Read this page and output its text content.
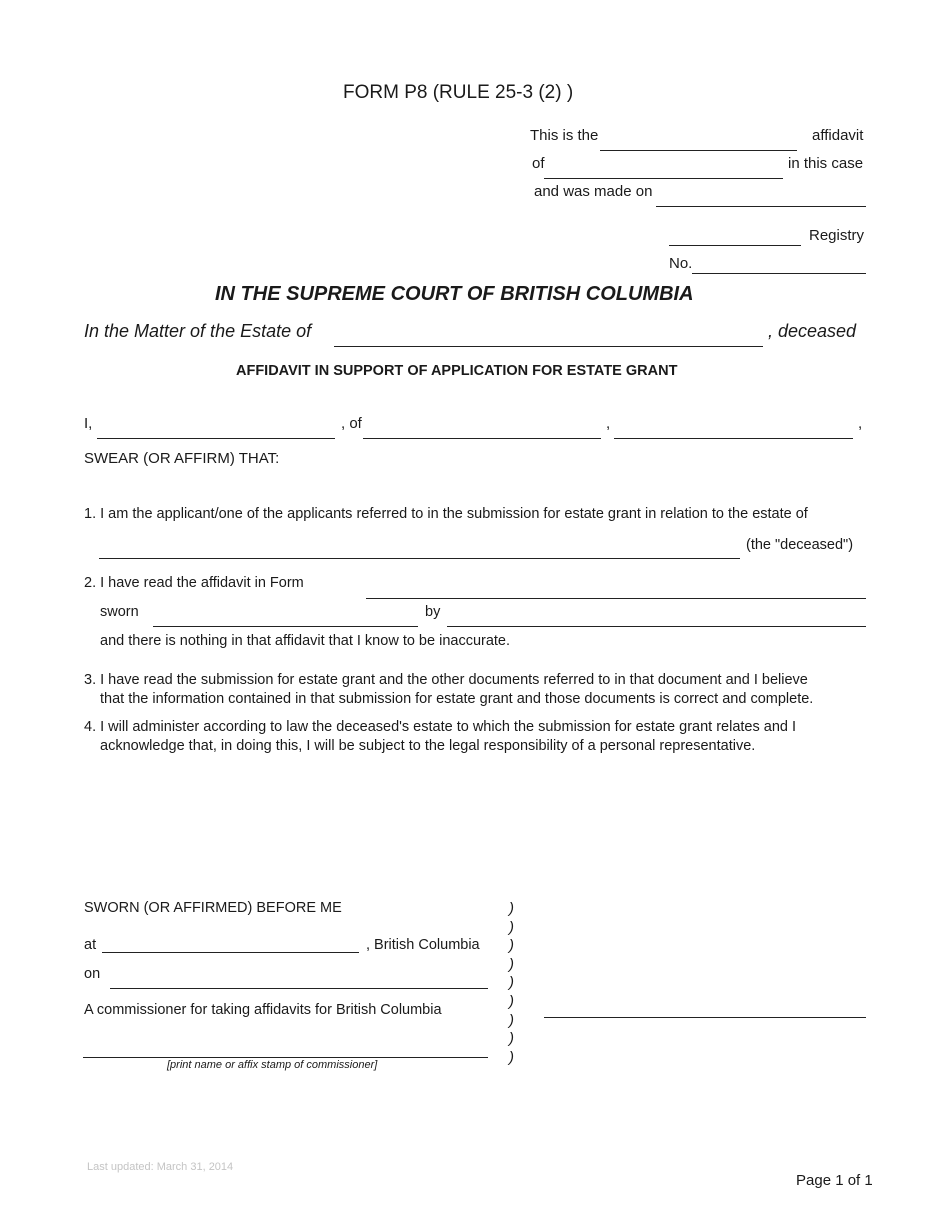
FORM P8 (RULE 25-3 (2) )
This is the	affidavit
of	in this case
and was made on
Registry
No.
IN THE SUPREME COURT OF BRITISH COLUMBIA
In the Matter of the Estate of	, deceased
AFFIDAVIT IN SUPPORT OF APPLICATION FOR ESTATE GRANT
I,	, of	,	,
SWEAR (OR AFFIRM) THAT:
1. I am the applicant/one of the applicants referred to in the submission for estate grant in relation to the estate of
(the "deceased")
2. I have read the affidavit in Form
sworn	by
and there is nothing in that affidavit that I know to be inaccurate.
3. I have read the submission for estate grant and the other documents referred to in that document and I believe
that the information contained in that submission for estate grant and those documents is correct and complete.
4. I will administer according to law the deceased's estate to which the submission for estate grant relates and I
acknowledge that, in doing this, I will be subject to the legal responsibility of a personal representative.
SWORN (OR AFFIRMED) BEFORE ME
at	, British Columbia
on
A commissioner for taking affidavits for British Columbia
[print name or affix stamp of commissioner]
)
)
)
)
)
)
)
)
)
Last updated: March 31, 2014
Page 1 of 1
